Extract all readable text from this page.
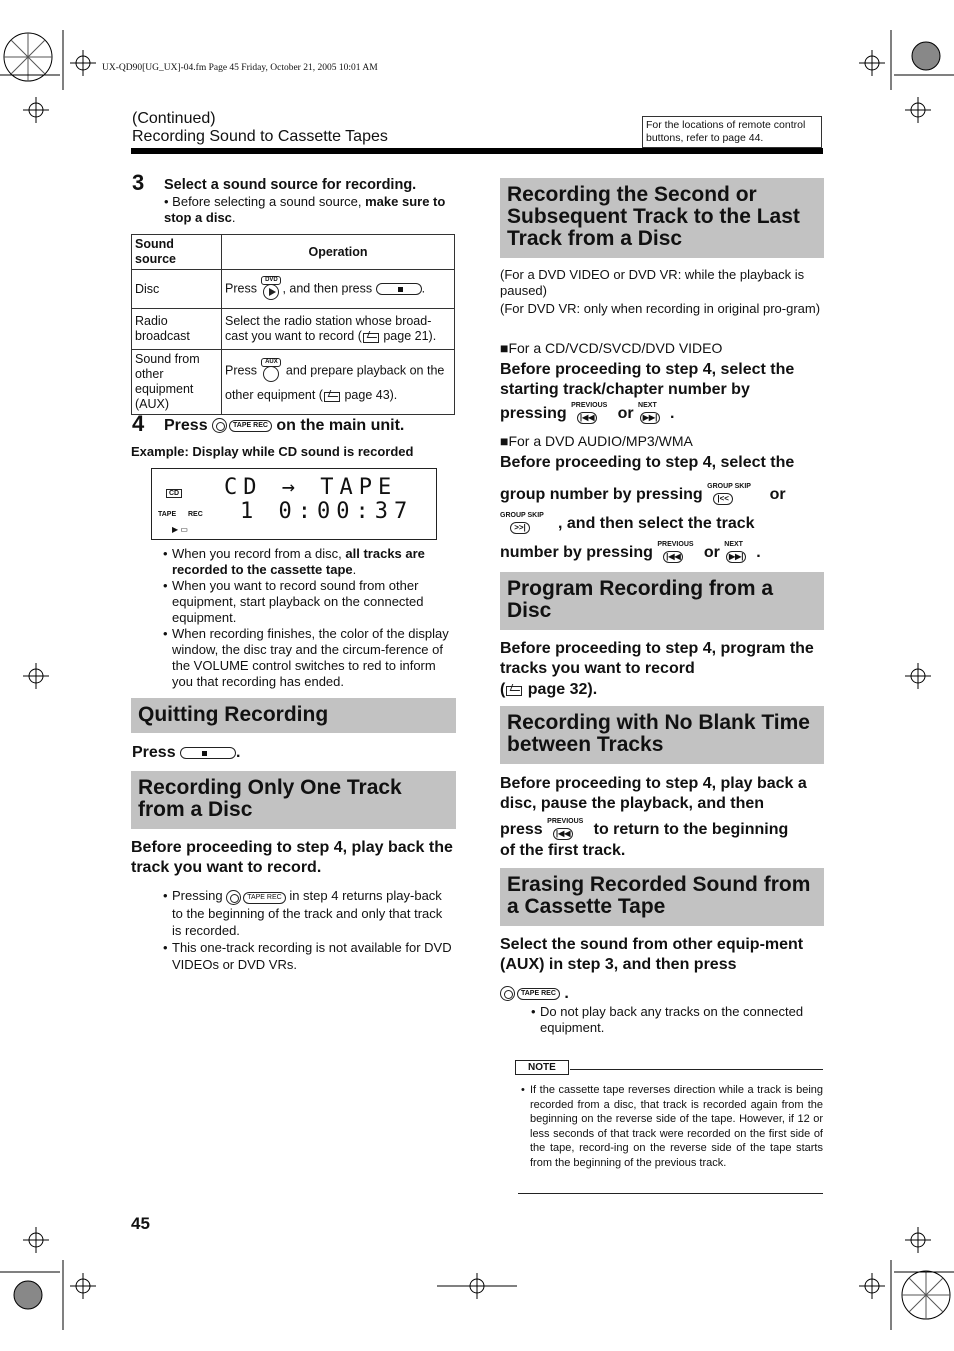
UX-QD90[UG_UX]-04.fm Page 45 Friday, October 21, 2005 10:01 AM
(Continued)
Recording Sound to Cassette Tapes
For the locations of remote control buttons, refer to page 44.
3 Select a sound source for recording.
• Before selecting a sound source, make sure to stop a disc.
Sound source	Operation
Disc	Press
DVD
, and then press .
Radio broadcast	Select the radio station whose broad-cast you want to record ( page 21).
Sound from other equipment (AUX)	Press
AUX
and prepare playback on the other equipment ( page 43).
4 Press	TAPE REC on the main unit.
Example: Display while CD sound is recorded
CD
TAPE REC
▶ ▭
CD → TAPE
1 0:00:37
• When you record from a disc, all tracks are recorded to the cassette tape.
• When you want to record sound from other equipment, start playback on the connected equipment.
• When recording finishes, the color of the display window, the disc tray and the circum-ference of the VOLUME control switches to red to inform you that recording has ended.
Quitting Recording
Press	.
Recording Only One Track from a Disc
Before proceeding to step 4, play back the track you want to record.
• Pressing	TAPE REC in step 4 returns play-back to the beginning of the track and only that track is recorded.
• This one-track recording is not available for DVD VIDEOs or DVD VRs.
Recording the Second or Subsequent Track to the Last Track from a Disc
(For a DVD VIDEO or DVD VR: while the playback is paused)
(For DVD VR: only when recording in original pro-gram)
■For a CD/VCD/SVCD/DVD VIDEO
Before proceeding to step 4, select the starting track/chapter number by
pressing PREVIOUS
|◀◀ or NEXT
▶▶| .
■For a DVD AUDIO/MP3/WMA
Before proceeding to step 4, select the
group number by pressing GROUP SKIP
|<<	or
GROUP SKIP
>>| , and then select the track
number by pressing PREVIOUS
|◀◀ or NEXT
▶▶| .
Program Recording from a Disc
Before proceeding to step 4, program the tracks you want to record
( page 32).
Recording with No Blank Time between Tracks
Before proceeding to step 4, play back a disc, pause the playback, and then
press PREVIOUS
|◀◀ to return to the beginning
of the first track.
Erasing Recorded Sound from a Cassette Tape
Select the sound from other equip-ment (AUX) in step 3, and then press
TAPE REC .
• Do not play back any tracks on the connected equipment.
NOTE
• If the cassette tape reverses direction while a track is being recorded from a disc, that track is recorded again from the beginning on the reverse side of the tape. However, if 12 or less seconds of that track were recorded on the first side of the tape, record-ing on the reverse side of the tape starts from the beginning of the previous track.
45
